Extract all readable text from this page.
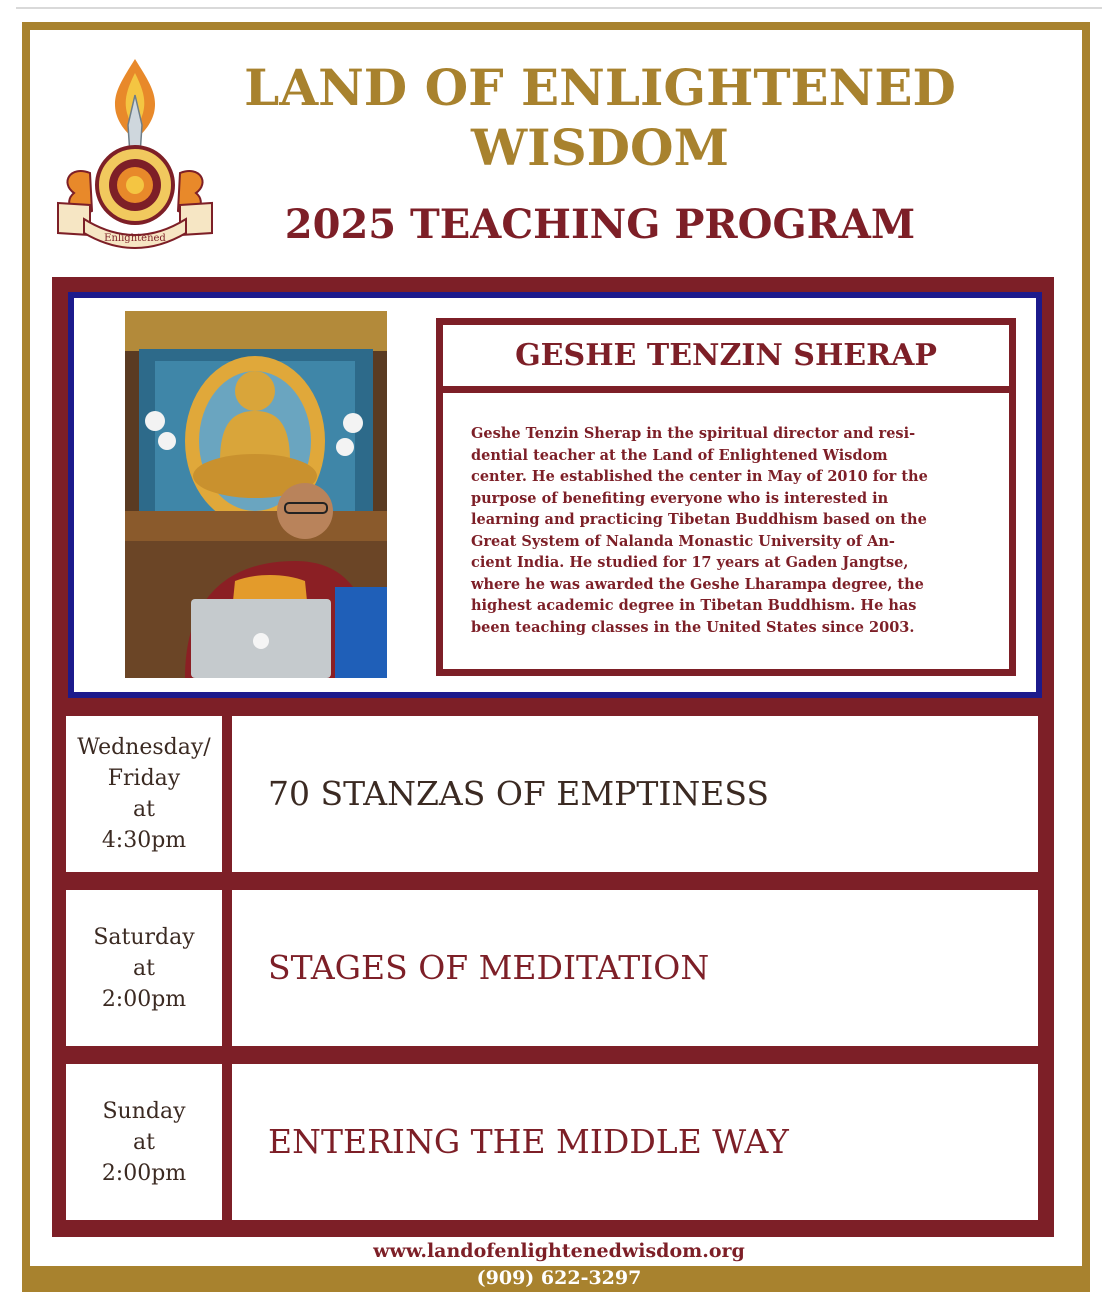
Enlightened
LAND OF ENLIGHTENED
WISDOM
2025 TEACHING PROGRAM
GESHE TENZIN SHERAP

Geshe Tenzin Sherap in the spiritual director and resi-
dential teacher at the Land of Enlightened Wisdom
center. He established the center in May of 2010 for the
purpose of benefiting everyone who is interested in
learning and practicing Tibetan Buddhism based on the
Great System of Nalanda Monastic University of An-
cient India. He studied for 17 years at Gaden Jangtse,
where he was awarded the Geshe Lharampa degree, the
highest academic degree in Tibetan Buddhism. He has
been teaching classes in the United States since 2003.

Wednesday/
Friday
at
4:30pm
70 STANZAS OF EMPTINESS
Saturday
at
2:00pm
STAGES OF MEDITATION
Sunday
at
2:00pm
ENTERING THE MIDDLE WAY
www.landofenlightenedwisdom.org
(909) 622-3297
